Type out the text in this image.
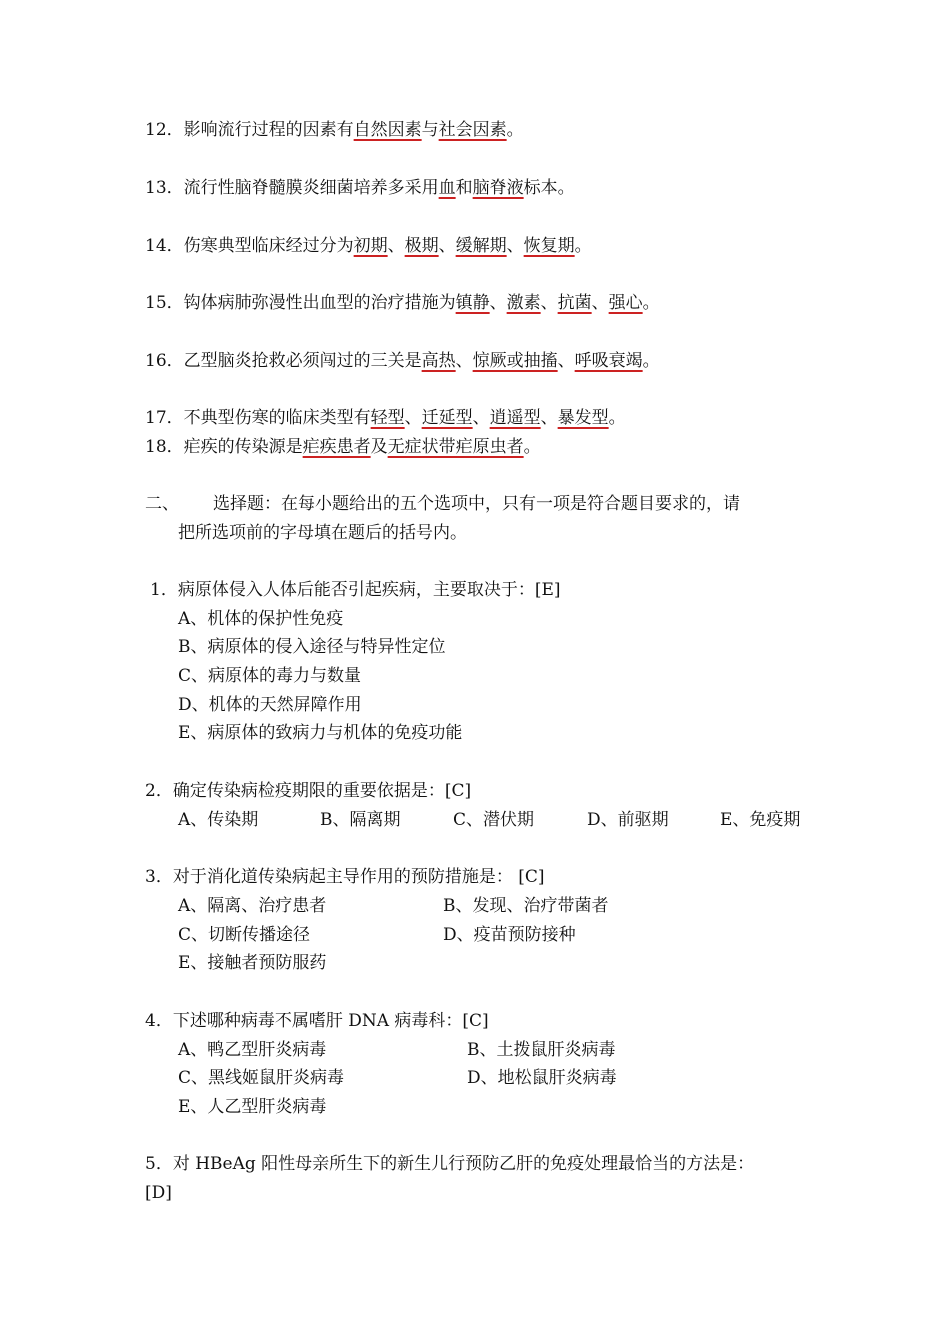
12．影响流行过程的因素有自然因素与社会因素。
13．流行性脑脊髓膜炎细菌培养多采用血和脑脊液标本。
14．伤寒典型临床经过分为初期、极期、缓解期、恢复期。
15．钩体病肺弥漫性出血型的治疗措施为镇静、激素、抗菌、强心。
16．乙型脑炎抢救必须闯过的三关是高热、惊厥或抽搐、呼吸衰竭。
17．不典型伤寒的临床类型有轻型、迁延型、逍遥型、暴发型。
18．疟疾的传染源是疟疾患者及无症状带疟原虫者。
二、 选择题：在每小题给出的五个选项中，只有一项是符合题目要求的，请
把所选项前的字母填在题后的括号内。
1．病原体侵入人体后能否引起疾病，主要取决于：[E]
A、机体的保护性免疫
B、病原体的侵入途径与特异性定位
C、病原体的毒力与数量
D、机体的天然屏障作用
E、病原体的致病力与机体的免疫功能
2．确定传染病检疫期限的重要依据是：[C]
A、传染期	B、隔离期	C、潜伏期	D、前驱期	E、免疫期
3．对于消化道传染病起主导作用的预防措施是： [C]
A、隔离、治疗患者	B、发现、治疗带菌者
C、切断传播途径	D、疫苗预防接种
E、接触者预防服药
4．下述哪种病毒不属嗜肝 DNA 病毒科：[C]
A、鸭乙型肝炎病毒	B、土拨鼠肝炎病毒
C、黑线姬鼠肝炎病毒	D、地松鼠肝炎病毒
E、人乙型肝炎病毒
5．对 HBeAg 阳性母亲所生下的新生儿行预防乙肝的免疫处理最恰当的方法是：
[D]
